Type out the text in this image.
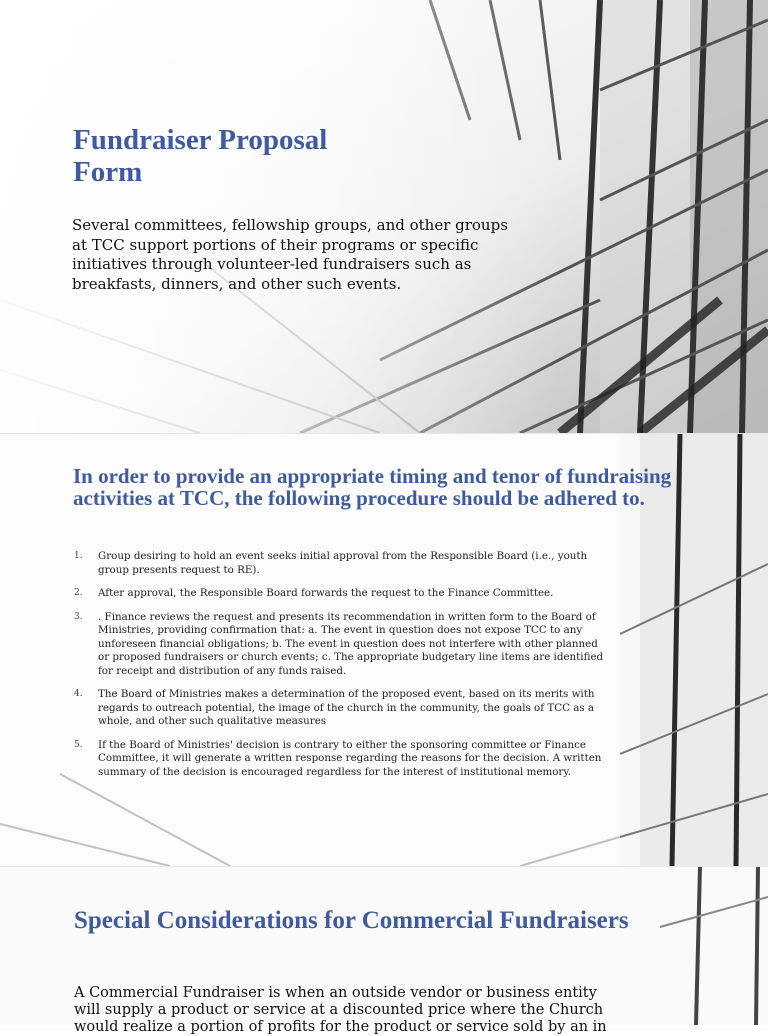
Fundraiser Proposal Form

Several committees, fellowship groups, and other groups at TCC support portions of their programs or specific initiatives through volunteer-led fundraisers such as breakfasts, dinners, and other such events.

In order to provide an appropriate timing and tenor of fundraising activities at TCC, the following procedure should be adhered to.
1. Group desiring to hold an event seeks initial approval from the Responsible Board (i.e., youth group presents request to RE).
2. After approval, the Responsible Board forwards the request to the Finance Committee.
3. . Finance reviews the request and presents its recommendation in written form to the Board of Ministries, providing confirmation that: a. The event in question does not expose TCC to any unforeseen financial obligations; b. The event in question does not interfere with other planned or proposed fundraisers or church events; c. The appropriate budgetary line items are identified for receipt and distribution of any funds raised.
4. The Board of Ministries makes a determination of the proposed event, based on its merits with regards to outreach potential, the image of the church in the community, the goals of TCC as a whole, and other such qualitative measures
5. If the Board of Ministries' decision is contrary to either the sponsoring committee or Finance Committee, it will generate a written response regarding the reasons for the decision. A written summary of the decision is encouraged regardless for the interest of institutional memory.
Special Considerations for Commercial Fundraisers

A Commercial Fundraiser is when an outside vendor or business entity will supply a product or service at a discounted price where the Church would realize a portion of profits for the product or service sold by an in
